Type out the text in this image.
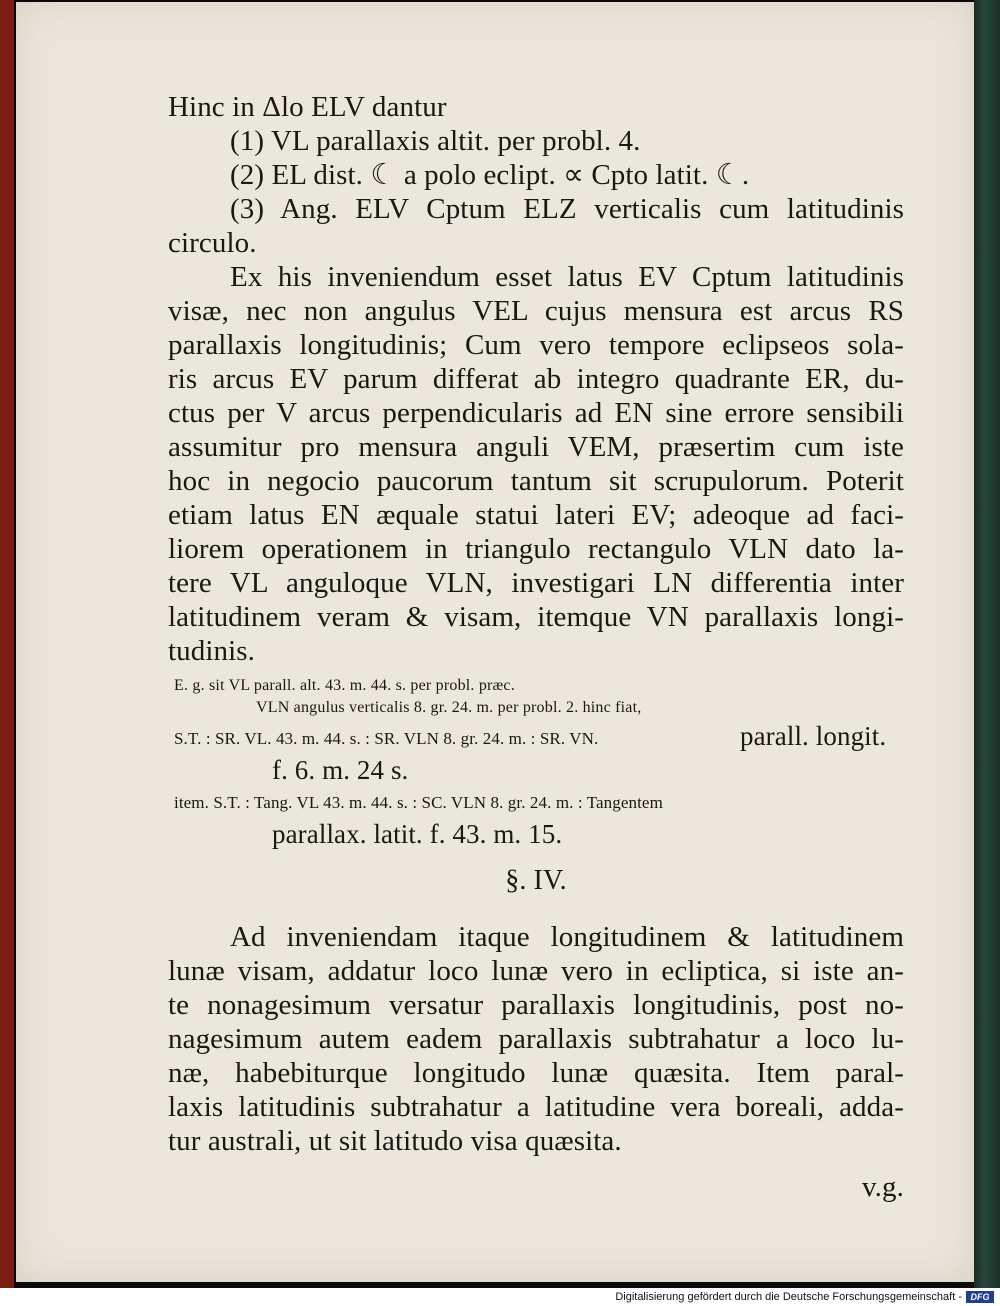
Hinc in Δlo ELV dantur
(1) VL parallaxis altit. per probl. 4.
(2) EL dist. ☾ a polo eclipt. ∝ Cpto latit. ☾.
(3) Ang. ELV Cptum ELZ verticalis cum latitudinis
circulo.
Ex his inveniendum esset latus EV Cptum latitudinis
visæ, nec non angulus VEL cujus mensura est arcus RS
parallaxis longitudinis; Cum vero tempore eclipseos sola-
ris arcus EV parum differat ab integro quadrante ER, du-
ctus per V arcus perpendicularis ad EN sine errore sensibili
assumitur pro mensura anguli VEM, præsertim cum iste
hoc in negocio paucorum tantum sit scrupulorum. Poterit
etiam latus EN æquale statui lateri EV; adeoque ad faci-
liorem operationem in triangulo rectangulo VLN dato la-
tere VL anguloque VLN, investigari LN differentia inter
latitudinem veram & visam, itemque VN parallaxis longi-
tudinis.
E. g. sit VL parall. alt. 43. m. 44. s. per probl. præc.
VLN angulus verticalis 8. gr. 24. m. per probl. 2. hinc fiat,
S.T. : SR. VL. 43. m. 44. s. : SR. VLN 8. gr. 24. m. : SR. VN.	parall. longit.
f. 6. m. 24 s.
item. S.T. : Tang. VL 43. m. 44. s. : SC. VLN 8. gr. 24. m. : Tangentem
parallax. latit. f. 43. m. 15.
§. IV.
Ad inveniendam itaque longitudinem & latitudinem
lunæ visam, addatur loco lunæ vero in ecliptica, si iste an-
te nonagesimum versatur parallaxis longitudinis, post no-
nagesimum autem eadem parallaxis subtrahatur a loco lu-
næ, habebiturque longitudo lunæ quæsita. Item paral-
laxis latitudinis subtrahatur a latitudine vera boreali, adda-
tur australi, ut sit latitudo visa quæsita.
v.g.
Digitalisierung gefördert durch die Deutsche Forschungsgemeinschaft - DFG
